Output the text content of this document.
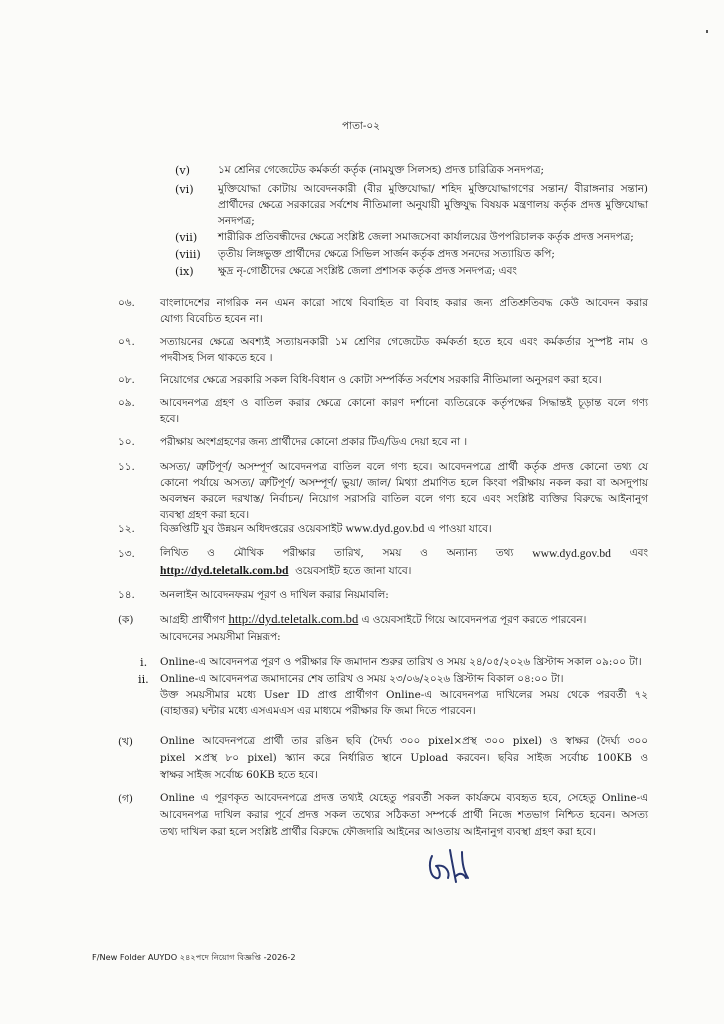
পাতা-০২
(v)	১ম শ্রেনির গেজেটেড কর্মকর্তা কর্তৃক (নামযুক্ত সিলসহ) প্রদত্ত চারিত্রিক সনদপত্র;
(vi) মুক্তিযোদ্ধা কোটায় আবেদনকারী (বীর মুক্তিযোদ্ধা/ শহিদ মুক্তিযোদ্ধাগণের সন্তান/ বীরাঙ্গনার সন্তান)
প্রার্থীদের ক্ষেত্রে সরকারের সর্বশেষ নীতিমালা অনুযায়ী মুক্তিযুদ্ধ বিষয়ক মন্ত্রণালয় কর্তৃক প্রদত্ত মুক্তিযোদ্ধা
সনদপত্র;
(vii) শারীরিক প্রতিবন্ধীদের ক্ষেত্রে সংশ্লিষ্ট জেলা সমাজসেবা কার্যালয়ের উপপরিচালক কর্তৃক প্রদত্ত সনদপত্র;
(viii) তৃতীয় লিঙ্গভুক্ত প্রার্থীদের ক্ষেত্রে সিভিল সার্জন কর্তৃক প্রদত্ত সনদের সত্যায়িত কপি;
(ix) ক্ষুদ্র নৃ-গোষ্ঠীদের ক্ষেত্রে সংশ্লিষ্ট জেলা প্রশাসক কর্তৃক প্রদত্ত সনদপত্র; এবং
০৬. বাংলাদেশের নাগরিক নন এমন কারো সাথে বিবাহিত বা বিবাহ করার জন্য প্রতিশ্রুতিবদ্ধ কেউ আবেদন করার
যোগ্য বিবেচিত হবেন না।
০৭. সত্যায়নের ক্ষেত্রে অবশ্যই সত্যায়নকারী ১ম শ্রেণির গেজেটেড কর্মকর্তা হতে হবে এবং কর্মকর্তার সুস্পষ্ট নাম ও
পদবীসহ সিল থাকতে হবে ।
০৮. নিয়োগের ক্ষেত্রে সরকারি সকল বিধি-বিধান ও কোটা সম্পর্কিত সর্বশেষ সরকারি নীতিমালা অনুসরণ করা হবে।
০৯. আবেদনপত্র গ্রহণ ও বাতিল করার ক্ষেত্রে কোনো কারণ দর্শানো ব্যতিরেকে কর্তৃপক্ষের সিদ্ধান্তই চূড়ান্ত বলে গণ্য
হবে।
১০. পরীক্ষায় অংশগ্রহণের জন্য প্রার্থীদের কোনো প্রকার টিএ/ডিএ দেয়া হবে না ।
১১. অসত্য/ ত্রুটিপূর্ণ/ অসম্পূর্ণ আবেদনপত্র বাতিল বলে গণ্য হবে। আবেদনপত্রে প্রার্থী কর্তৃক প্রদত্ত কোনো তথ্য যে
কোনো পর্যায়ে অসত্য/ ত্রুটিপূর্ণ/ অসম্পূর্ণ/ ভুয়া/ জাল/ মিথ্যা প্রমাণিত হলে কিংবা পরীক্ষায় নকল করা বা অসদুপায়
অবলম্বন করলে দরখাস্ত/ নির্বাচন/ নিয়োগ সরাসরি বাতিল বলে গণ্য হবে এবং সংশ্লিষ্ট ব্যক্তির বিরুদ্ধে আইনানুগ
ব্যবস্থা গ্রহণ করা হবে।
১২. বিজ্ঞপ্তিটি যুব উন্নয়ন অধিদপ্তরের ওয়েবসাইট www.dyd.gov.bd এ পাওয়া যাবে।
১৩. লিখিত ও মৌখিক পরীক্ষার তারিখ, সময় ও অন্যান্য তথ্য www.dyd.gov.bd এবং
http://dyd.teletalk.com.bd ওয়েবসাইট হতে জানা যাবে।
১৪. অনলাইন আবেদনফরম পূরণ ও দাখিল করার নিয়মাবলি:
(ক)	আগ্রহী প্রার্থীগণ http://dyd.teletalk.com.bd এ ওয়েবসাইটে গিয়ে আবেদনপত্র পূরণ করতে পারবেন।
আবেদনের সময়সীমা নিম্নরূপ:
i. Online-এ আবেদনপত্র পূরণ ও পরীক্ষার ফি জমাদান শুরুর তারিখ ও সময় ২৪/০৫/২০২৬ খ্রিস্টাব্দ সকাল ০৯:০০ টা।
ii. Online-এ আবেদনপত্র জমাদানের শেষ তারিখ ও সময় ২৩/০৬/২০২৬ খ্রিস্টাব্দ বিকাল ০৪:০০ টা।
উক্ত সময়সীমার মধ্যে User ID প্রাপ্ত প্রার্থীগণ Online-এ আবেদনপত্র দাখিলের সময় থেকে পরবর্তী ৭২
(বাহাত্তর) ঘন্টার মধ্যে এসএমএস এর মাধ্যমে পরীক্ষার ফি জমা দিতে পারবেন।
(খ)	Online আবেদনপত্রে প্রার্থী তার রঙিন ছবি (দৈর্ঘ্য ৩০০ pixel×প্রস্থ ৩০০ pixel) ও স্বাক্ষর (দৈর্ঘ্য ৩০০
pixel ×প্রস্থ ৮০ pixel) স্ক্যান করে নির্ধারিত স্থানে Upload করবেন। ছবির সাইজ সর্বোচ্চ 100KB ও
স্বাক্ষর সাইজ সর্বোচ্চ 60KB হতে হবে।
(গ)	Online এ পূরণকৃত আবেদনপত্রে প্রদত্ত তথ্যই যেহেতু পরবর্তী সকল কার্যক্রমে ব্যবহৃত হবে, সেহেতু Online-এ
আবেদনপত্র দাখিল করার পূর্বে প্রদত্ত সকল তথ্যের সঠিকতা সম্পর্কে প্রার্থী নিজে শতভাগ নিশ্চিত হবেন। অসত্য
তথ্য দাখিল করা হলে সংশ্লিষ্ট প্রার্থীর বিরুদ্ধে ফৌজদারি আইনের আওতায় আইনানুগ ব্যবস্থা গ্রহণ করা হবে।
F/New Folder AUYDO ২৪২পদে নিয়োগ বিজ্ঞপ্তি -2026-2
